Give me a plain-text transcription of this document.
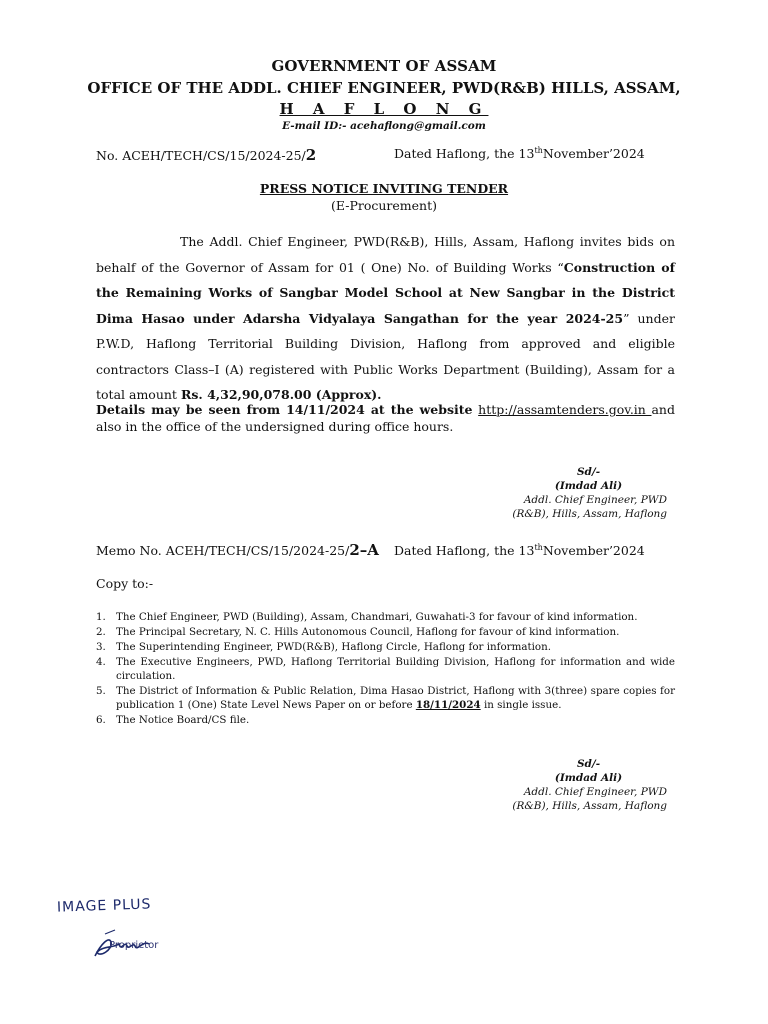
GOVERNMENT OF ASSAM
OFFICE OF THE ADDL. CHIEF ENGINEER, PWD(R&B) HILLS, ASSAM,
H A F L O N G
E-mail ID:- acehaflong@gmail.com
No. ACEH/TECH/CS/15/2024-25/2	Dated Haflong, the 13thNovember’2024
PRESS NOTICE INVITING TENDER
(E-Procurement)
The Addl. Chief Engineer, PWD(R&B), Hills, Assam, Haflong invites bids on behalf of the Governor of Assam for 01 ( One) No. of Building Works “Construction of the Remaining Works of Sangbar Model School at New Sangbar in the District Dima Hasao under Adarsha Vidyalaya Sangathan for the year 2024-25” under P.W.D, Haflong Territorial Building Division, Haflong from approved and eligible contractors Class–I (A) registered with Public Works Department (Building), Assam for a total amount Rs. 4,32,90,078.00 (Approx).
Details may be seen from 14/11/2024 at the website http://assamtenders.gov.in and also in the office of the undersigned during office hours.
Sd/-
(Imdad Ali)
Addl. Chief Engineer, PWD
(R&B), Hills, Assam, Haflong
Memo No. ACEH/TECH/CS/15/2024-25/2–A Dated Haflong, the 13thNovember’2024
Copy to:-
1. The Chief Engineer, PWD (Building), Assam, Chandmari, Guwahati-3 for favour of kind information.
2. The Principal Secretary, N. C. Hills Autonomous Council, Haflong for favour of kind information.
3. The Superintending Engineer, PWD(R&B), Haflong Circle, Haflong for information.
4. The Executive Engineers, PWD, Haflong Territorial Building Division, Haflong for information and wide circulation.
5. The District of Information & Public Relation, Dima Hasao District, Haflong with 3(three) spare copies for publication 1 (One) State Level News Paper on or before 18/11/2024 in single issue.
6. The Notice Board/CS file.
Sd/-
(Imdad Ali)
Addl. Chief Engineer, PWD
(R&B), Hills, Assam, Haflong
IMAGE PLUS
Proprietor
